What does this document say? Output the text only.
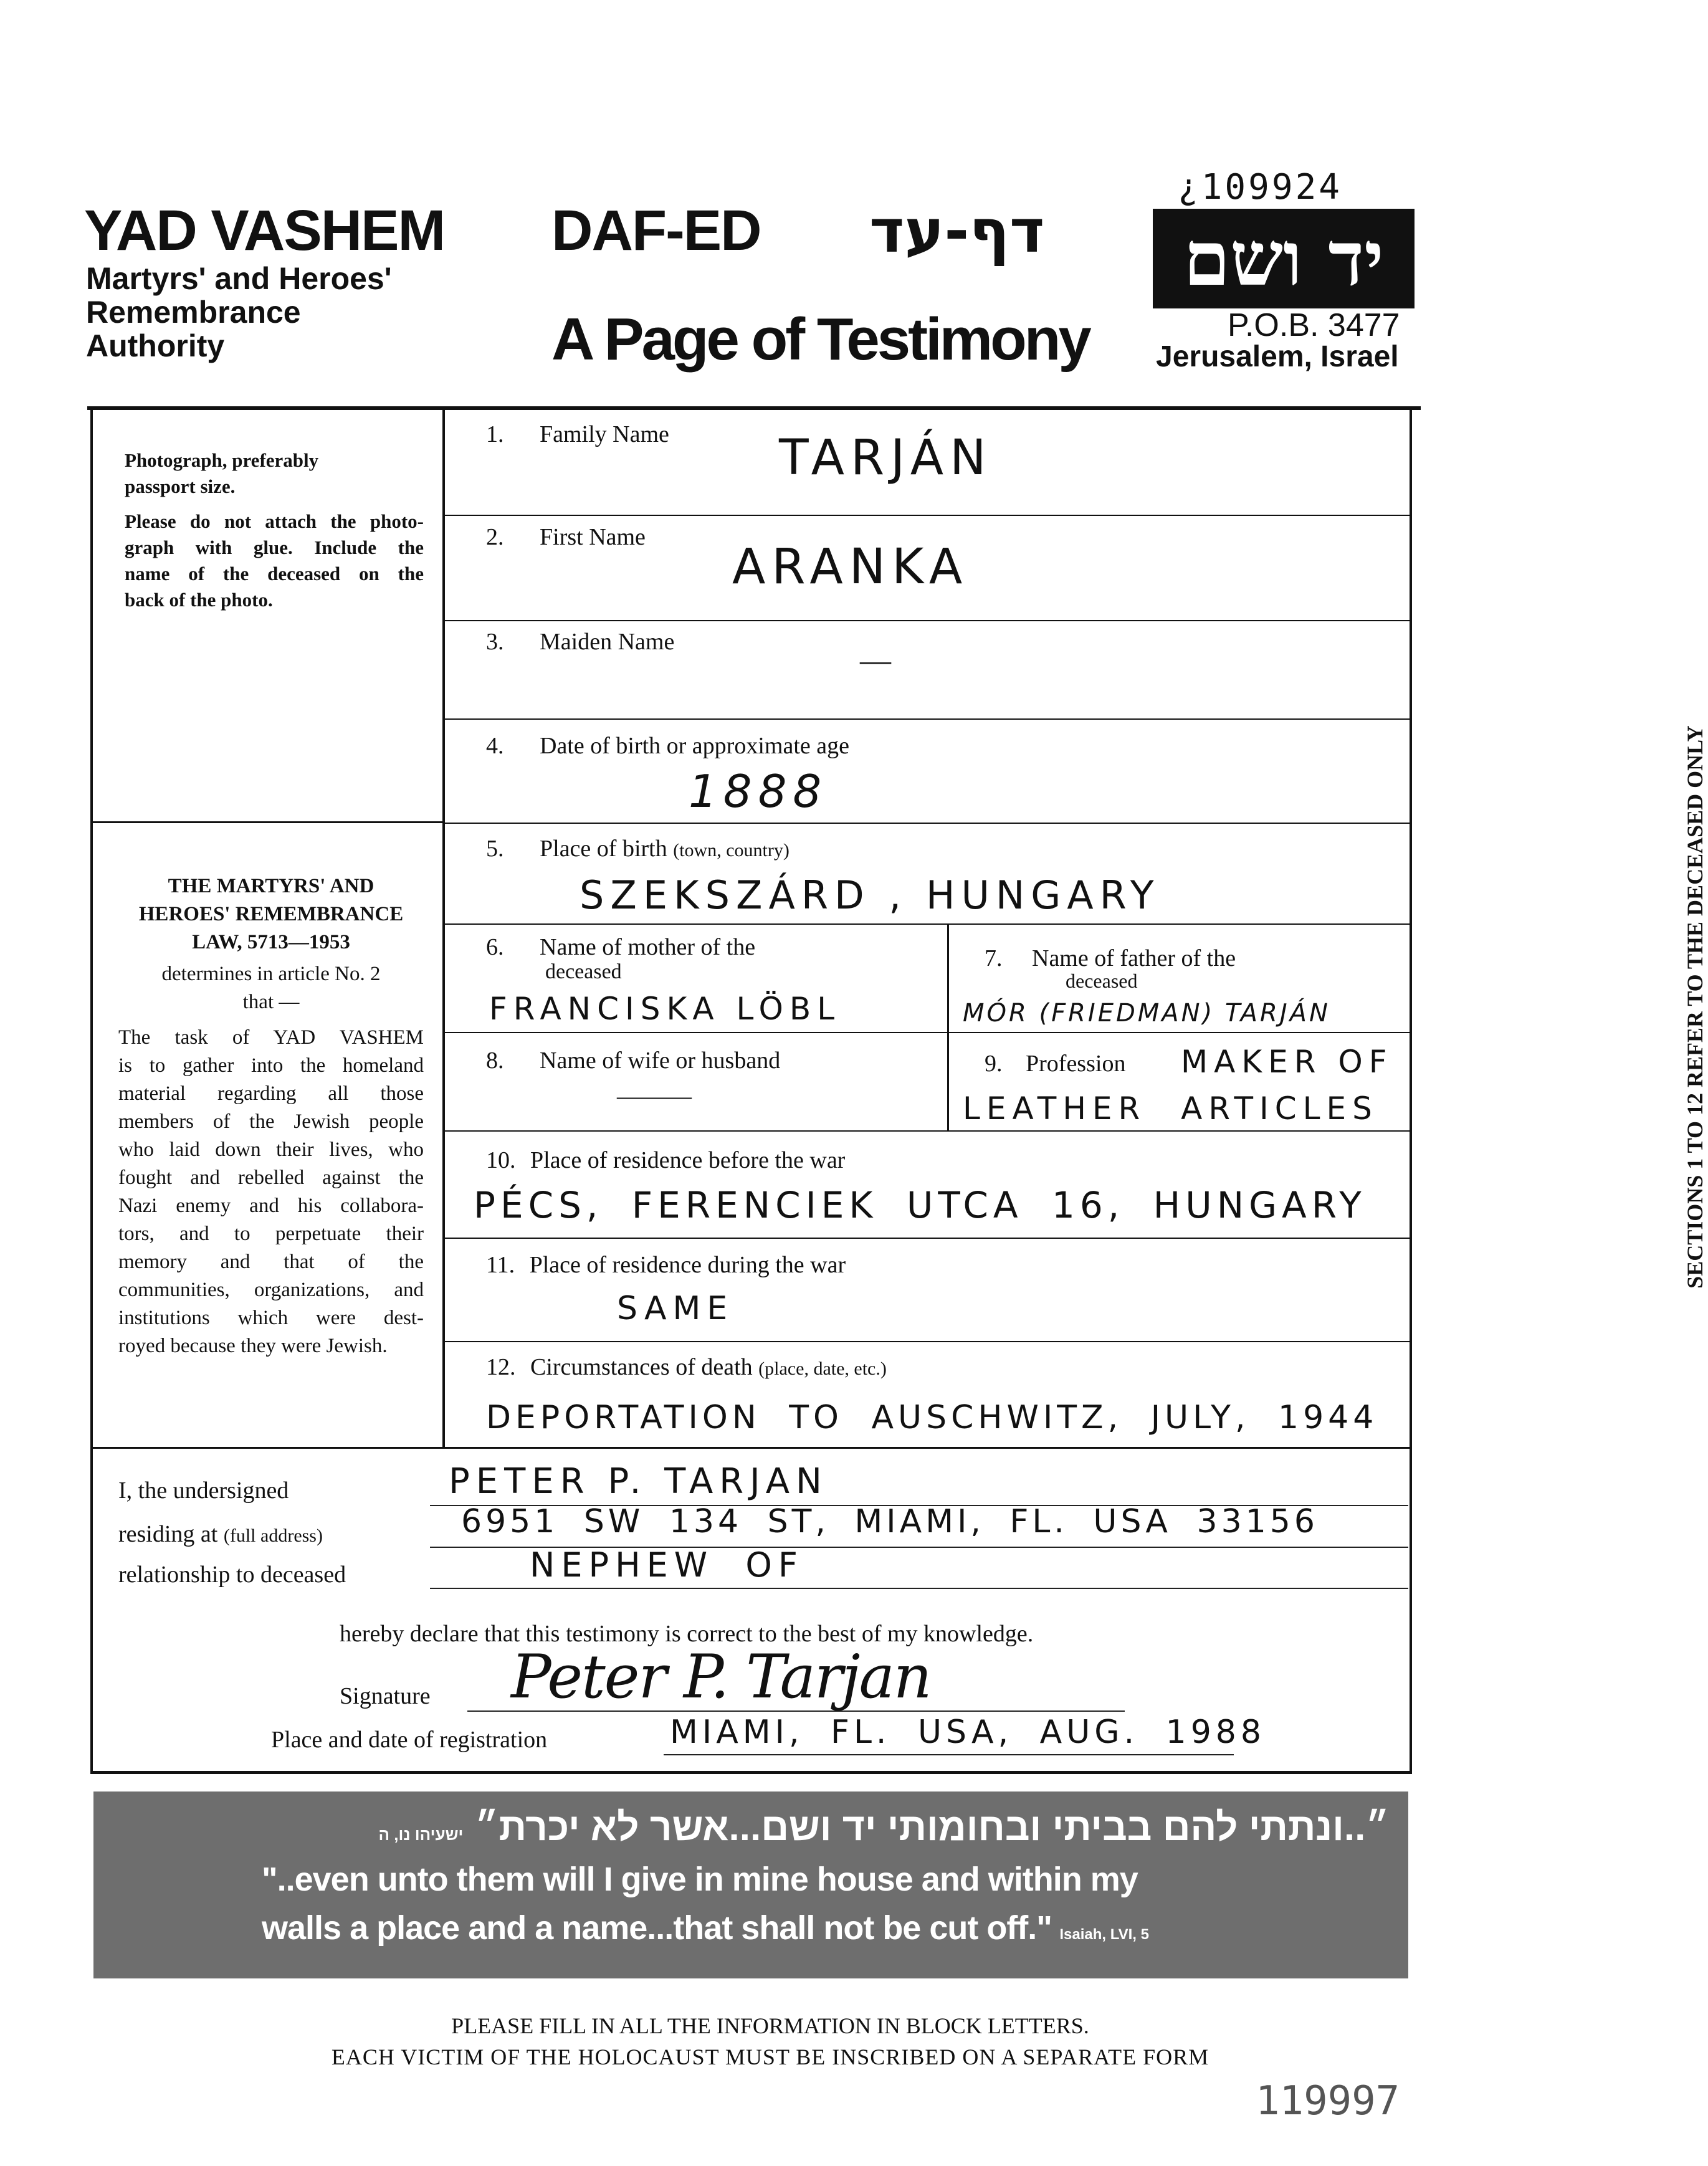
¿109924
YAD VASHEM
Martyrs' and Heroes'
Remembrance
Authority
DAF-ED דף-עד
A Page of Testimony
יד ושם
P.O.B. 3477
Jerusalem, Israel

Photograph, preferably

passport size.

Please do not attach the photo-

graph with glue. Include the

name of the deceased on the

back of the photo.

THE MARTYRS' AND

HEROES' REMEMBRANCE

LAW, 5713—1953

determines in article No. 2

that —

The task of YAD VASHEM

is to gather into the homeland

material regarding all those

members of the Jewish people

who laid down their lives, who

fought and rebelled against the

Nazi enemy and his collabora-

tors, and to perpetuate their

memory and that of the

communities, organizations, and

institutions which were dest-

royed because they were Jewish.

1. Family Name TARJÁN
2. First Name
ARANKA
3. Maiden Name
—
4. Date of birth or approximate age
1888
5. Place of birth (town, country)
SZEKSZÁRD , HUNGARY
6. Name of mother of the
deceased
FRANCISKA LÖBL
7. Name of father of the
deceased
MÓR (FRIEDMAN) TARJÁN
8. Name of wife or husband
———
9. Profession MAKER OF
LEATHER ARTICLES
10. Place of residence before the war
PÉCS, FERENCIEK UTCA 16, HUNGARY
11. Place of residence during the war
SAME
12. Circumstances of death (place, date, etc.)
DEPORTATION TO AUSCHWITZ, JULY, 1944
SECTIONS 1 TO 12 REFER TO THE DECEASED ONLY
I, the undersigned	PETER P. TARJAN
residing at (full address)	6951 SW 134 ST, MIAMI, FL. USA 33156
relationship to deceased	NEPHEW OF
hereby declare that this testimony is correct to the best of my knowledge.
Signature Peter P. Tarjan
Place and date of registration	MIAMI, FL. USA, AUG. 1988
״..ונתתי להם בביתי ובחומותי יד ושם...אשר לא יכרת״ ישעיהו נו, ה
"..even unto them will I give in mine house and within my
walls a place and a name...that shall not be cut off." Isaiah, LVI, 5
PLEASE FILL IN ALL THE INFORMATION IN BLOCK LETTERS.
EACH VICTIM OF THE HOLOCAUST MUST BE INSCRIBED ON A SEPARATE FORM
119997
